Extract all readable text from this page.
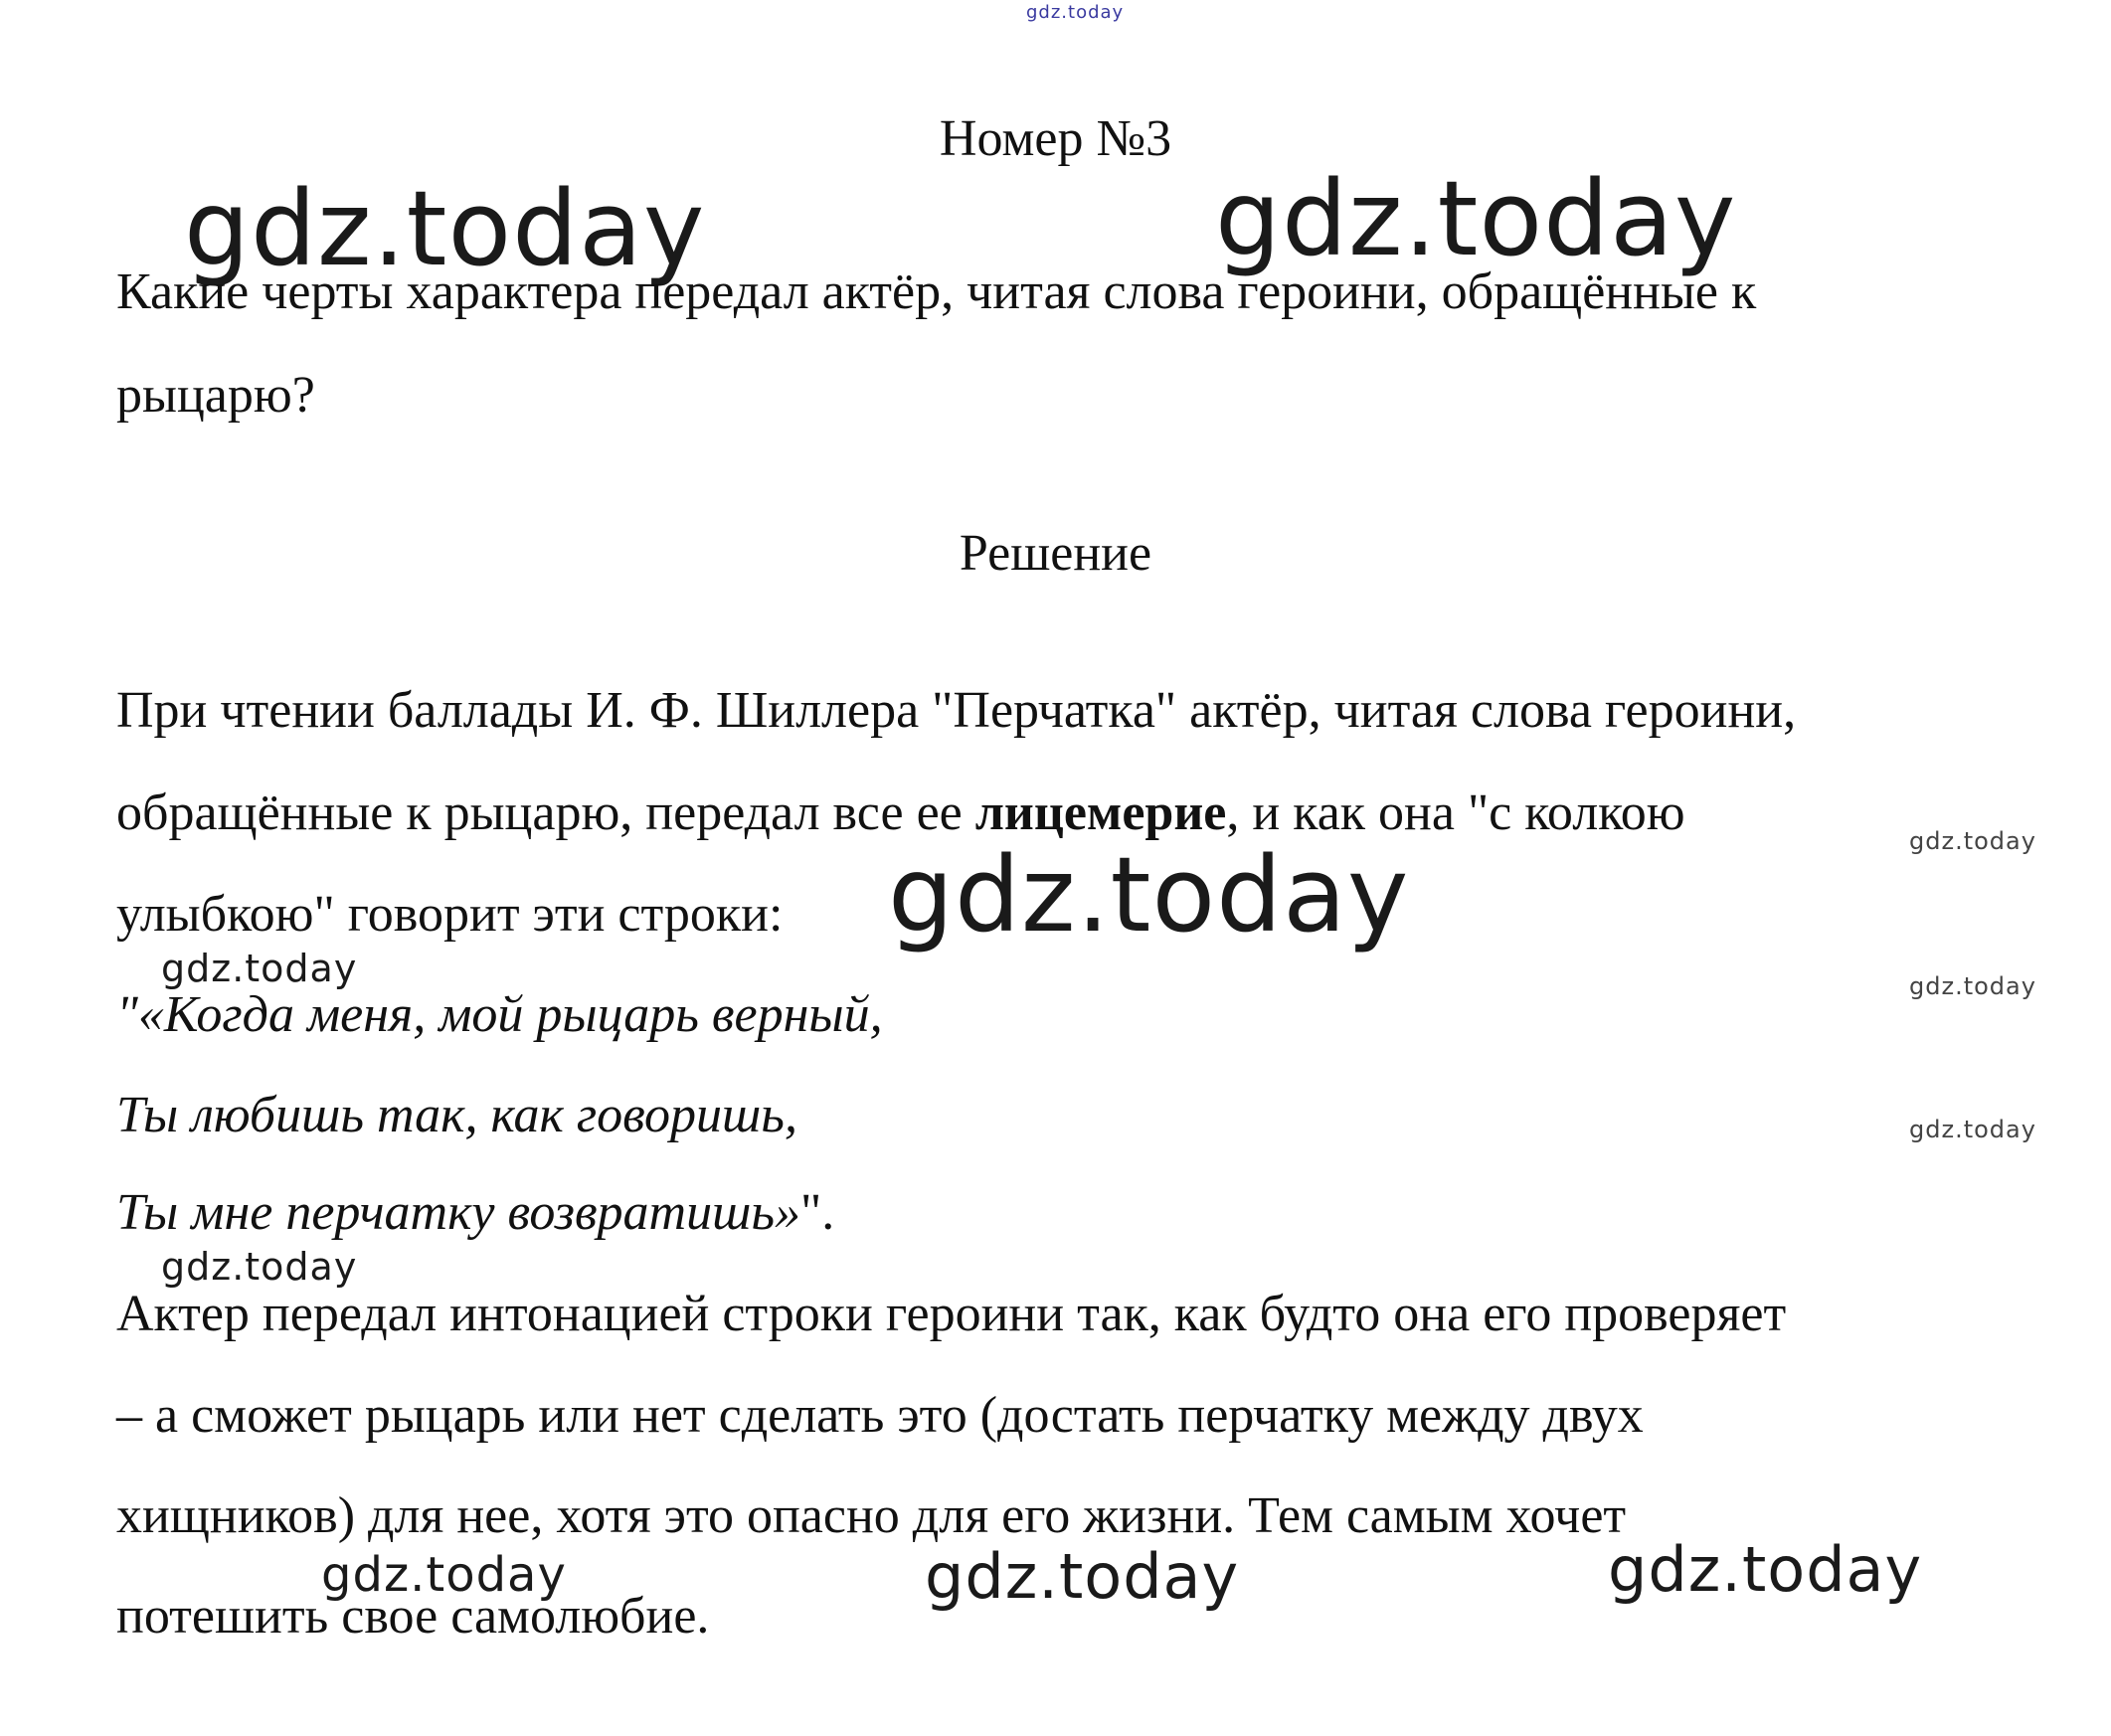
gdz.today
Номер №3
gdz.today	gdz.today
Какие черты характера передал актёр, читая слова героини, обращённые к
рыцарю?
Решение
При чтении баллады И. Ф. Шиллера "Перчатка" актёр, читая слова героини,
обращённые к рыцарю, передал все ее лицемерие, и как она "с колкою
улыбкою" говорит эти строки: gdz.today	gdz.today
gdz.today
gdz.today
gdz.today
"«Когда меня, мой рыцарь верный,
Ты любишь так, как говоришь,
Ты мне перчатку возвратишь»".
gdz.today
Актер передал интонацией строки героини так, как будто она его проверяет
– а сможет рыцарь или нет сделать это (достать перчатку между двух
хищников) для нее, хотя это опасно для его жизни. Тем самым хочет
потешить свое самолюбие.
gdz.today	gdz.today	gdz.today
